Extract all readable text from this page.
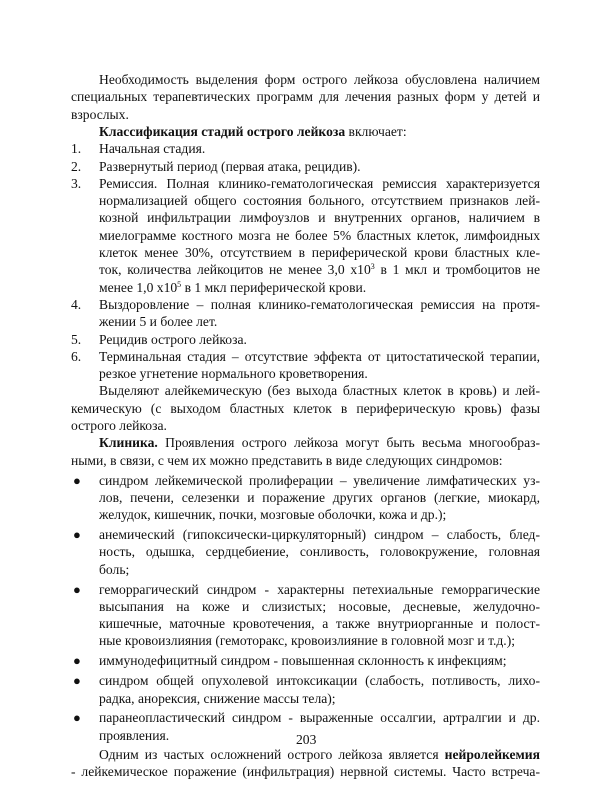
Необходимость выделения форм острого лейкоза обусловлена наличием
специальных терапевтических программ для лечения разных форм у детей и
взрослых.
Классификация стадий острого лейкоза включает:
1. Начальная стадия.
2. Развернутый период (первая атака, рецидив).
3. Ремиссия. Полная клинико-гематологическая ремиссия характеризуется
нормализацией общего состояния больного, отсутствием признаков лей-
козной инфильтрации лимфоузлов и внутренних органов, наличием в
миелограмме костного мозга не более 5% бластных клеток, лимфоидных
клеток менее 30%, отсутствием в периферической крови бластных кле-
ток, количества лейкоцитов не менее 3,0 $x10^3$ в 1 мкл и тромбоцитов не
менее 1,0 $x10^5$ в 1 мкл периферической крови.
4. Выздоровление – полная клинико-гематологическая ремиссия на протя-
жении 5 и более лет.
5. Рецидив острого лейкоза.
6. Терминальная стадия – отсутствие эффекта от цитостатической терапии,
резкое угнетение нормального кроветворения.
Выделяют алейкемическую (без выхода бластных клеток в кровь) и лей-
кемическую (с выходом бластных клеток в периферическую кровь) фазы
острого лейкоза.
Клиника. Проявления острого лейкоза могут быть весьма многообраз-
ными, в связи, с чем их можно представить в виде следующих синдромов:
● синдром лейкемической пролиферации – увеличение лимфатических уз-
лов, печени, селезенки и поражение других органов (легкие, миокард,
желудок, кишечник, почки, мозговые оболочки, кожа и др.);
● анемический (гипоксически-циркуляторный) синдром – слабость, блед-
ность, одышка, сердцебиение, сонливость, головокружение, головная
боль;
● геморрагический синдром - характерны петехиальные геморрагические
высыпания на коже и слизистых; носовые, десневые, желудочно-
кишечные, маточные кровотечения, а также внутриорганные и полост-
ные кровоизлияния (гемоторакс, кровоизлияние в головной мозг и т.д.);
● иммунодефицитный синдром - повышенная склонность к инфекциям;
● синдром общей опухолевой интоксикации (слабость, потливость, лихо-
радка, анорексия, снижение массы тела);
● паранеопластический синдром - выраженные оссалгии, артралгии и др.
проявления.
Одним из частых осложнений острого лейкоза является нейролейкемия
- лейкемическое поражение (инфильтрация) нервной системы. Часто встреча-
203
